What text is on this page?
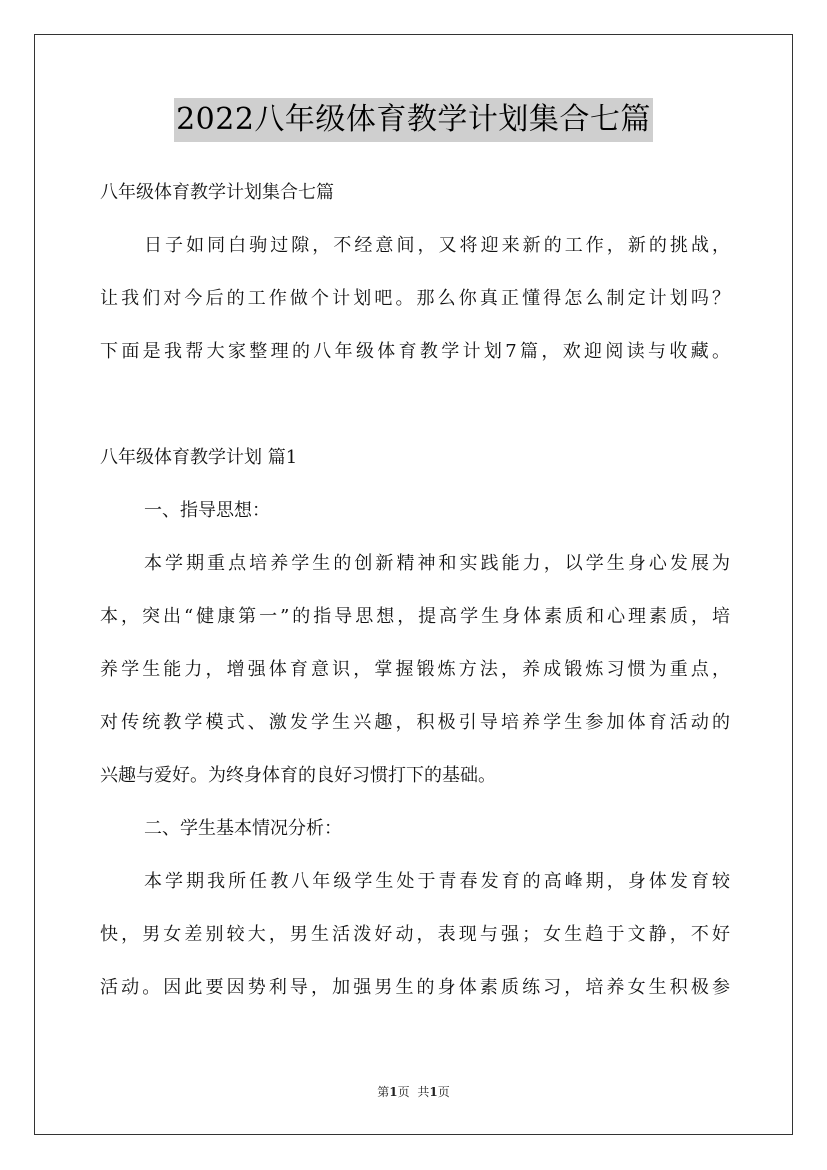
2022八年级体育教学计划集合七篇
八年级体育教学计划集合七篇
日子如同白驹过隙，不经意间，又将迎来新的工作，新的挑战，
让我们对今后的工作做个计划吧。那么你真正懂得怎么制定计划吗？
下面是我帮大家整理的八年级体育教学计划7篇，欢迎阅读与收藏。
八年级体育教学计划 篇1
一、指导思想：
本学期重点培养学生的创新精神和实践能力，以学生身心发展为
本，突出“健康第一”的指导思想，提高学生身体素质和心理素质，培
养学生能力，增强体育意识，掌握锻炼方法，养成锻炼习惯为重点，
对传统教学模式、激发学生兴趣，积极引导培养学生参加体育活动的
兴趣与爱好。为终身体育的良好习惯打下的基础。
二、学生基本情况分析：
本学期我所任教八年级学生处于青春发育的高峰期，身体发育较
快，男女差别较大，男生活泼好动，表现与强；女生趋于文静，不好
活动。因此要因势利导，加强男生的身体素质练习，培养女生积极参
第1页 共1页
